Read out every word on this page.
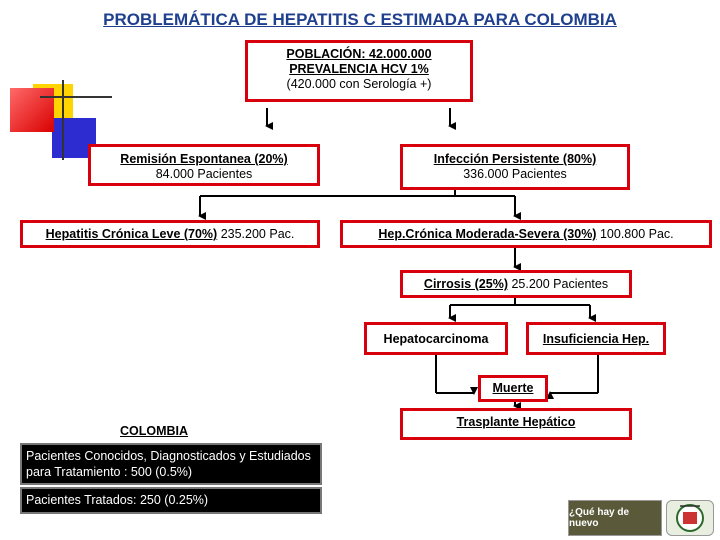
PROBLEMÁTICA DE HEPATITIS C ESTIMADA PARA COLOMBIA
POBLACIÓN: 42.000.000
PREVALENCIA HCV 1%
(420.000 con Serología +)
Remisión Espontanea (20%)
84.000 Pacientes
Infección Persistente (80%)
336.000 Pacientes
Hepatitis Crónica Leve (70%) 235.200 Pac.	Hep.Crónica Moderada-Severa (30%) 100.800 Pac.
Cirrosis (25%) 25.200 Pacientes
Hepatocarcinoma	Insuficiencia Hep.
Muerte
Trasplante Hepático
COLOMBIA
Pacientes Conocidos, Diagnosticados y Estudiados para Tratamiento : 500 (0.5%)
Pacientes Tratados: 250 (0.25%)
¿Qué hay de nuevo
